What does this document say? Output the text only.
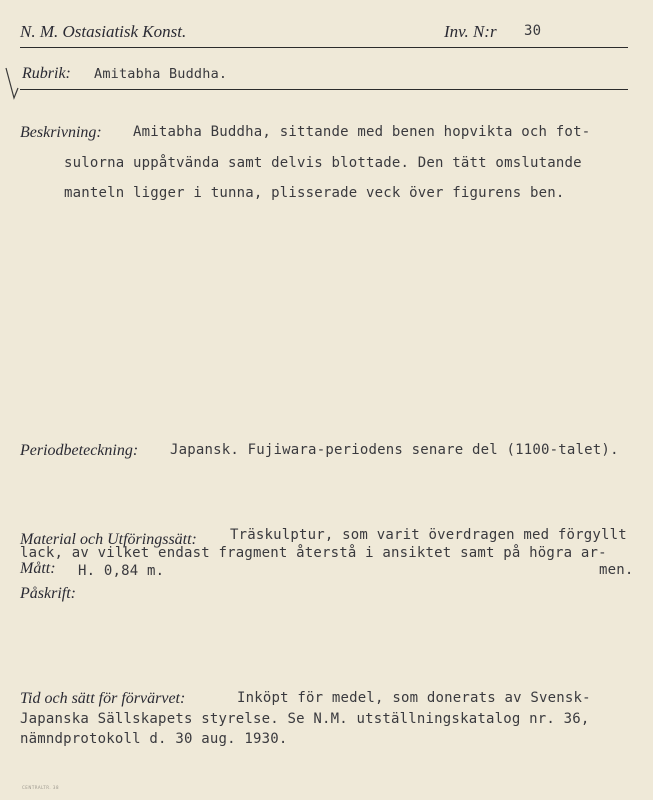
N. M. Ostasiatisk Konst.	Inv. N:r 30
Rubrik: Amitabha Buddha.
Beskrivning: Amitabha Buddha, sittande med benen hopvikta och fot-
sulorna uppåtvända samt delvis blottade. Den tätt omslutande
manteln ligger i tunna, plisserade veck över figurens ben.
Periodbeteckning: Japansk. Fujiwara-periodens senare del (1100-talet).
Material och Utföringssätt: Träskulptur, som varit överdragen med förgyllt
lack, av vilket endast fragment återstå i ansiktet samt på högra ar-
men.
Mått: H. 0,84 m.
Påskrift:
Tid och sätt för förvärvet:	Inköpt för medel, som donerats av Svensk-
Japanska Sällskapets styrelse. Se N.M. utställningskatalog nr. 36,
nämndprotokoll d. 30 aug. 1930.
CENTRALTR. 38
